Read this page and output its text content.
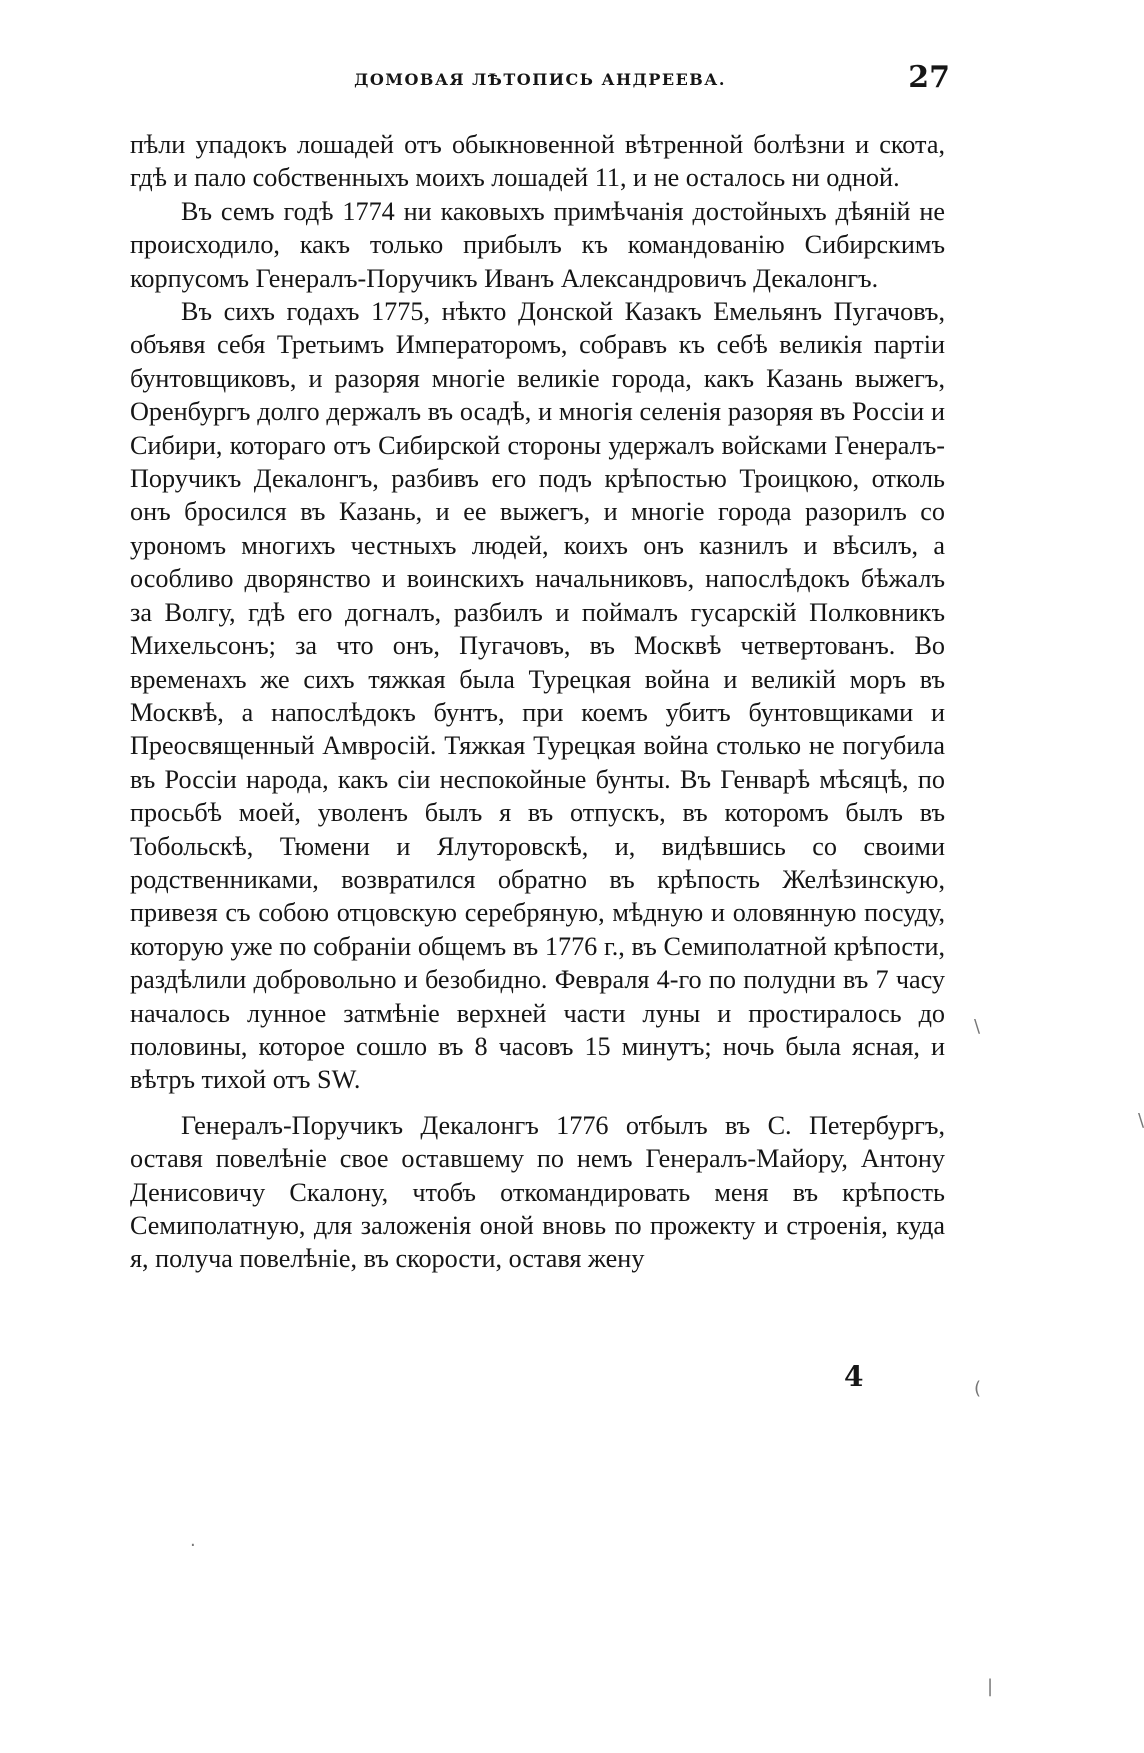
ДОМОВАЯ ЛѢТОПИСЬ АНДРЕЕВА.	27

пѣли упадокъ лошадей отъ обыкновенной вѣтренной болѣзни и скота, гдѣ и пало собственныхъ моихъ лошадей 11, и не осталось ни одной.

Въ семъ годѣ 1774 ни каковыхъ примѣчанія достойныхъ дѣяній не происходило, какъ только прибылъ къ командованію Сибирскимъ корпусомъ Генералъ-Поручикъ Иванъ Александровичъ Декалонгъ.

Въ сихъ годахъ 1775, нѣкто Донской Казакъ Емельянъ Пугачовъ, объявя себя Третьимъ Императоромъ, собравъ къ себѣ великія партіи бунтовщиковъ, и разоряя многіе великіе города, какъ Казань выжегъ, Оренбургъ долго держалъ въ осадѣ, и многія селенія разоряя въ Россіи и Сибири, котораго отъ Сибирской стороны удержалъ войсками Генералъ-Поручикъ Декалонгъ, разбивъ его подъ крѣпостью Троицкою, отколь онъ бросился въ Казань, и ее выжегъ, и многіе города разорилъ со урономъ многихъ честныхъ людей, коихъ онъ казнилъ и вѣсилъ, а особливо дворянство и воинскихъ начальниковъ, напослѣдокъ бѣжалъ за Волгу, гдѣ его догналъ, разбилъ и поймалъ гусарскій Полковникъ Михельсонъ; за что онъ, Пугачовъ, въ Москвѣ четвертованъ. Во временахъ же сихъ тяжкая была Турецкая война и великій моръ въ Москвѣ, а напослѣдокъ бунтъ, при коемъ убитъ бунтовщиками и Преосвященный Амвросій. Тяжкая Турецкая война столько не погубила въ Россіи народа, какъ сіи неспокойные бунты. Въ Генварѣ мѣсяцѣ, по просьбѣ моей, уволенъ былъ я въ отпускъ, въ которомъ былъ въ Тобольскѣ, Тюмени и Ялуторовскѣ, и, видѣвшись со своими родственниками, возвратился обратно въ крѣпость Желѣзинскую, привезя съ собою отцовскую серебряную, мѣдную и оловянную посуду, которую уже по собраніи общемъ въ 1776 г., въ Семиполатной крѣпости, раздѣлили добровольно и безобидно. Февраля 4-го по полудни въ 7 часу началось лунное затмѣніе верхней части луны и простиралось до половины, которое сошло въ 8 часовъ 15 минутъ; ночь была ясная, и вѣтръ тихой отъ SW.

Генералъ-Поручикъ Декалонгъ 1776 отбылъ въ С. Петербургъ, оставя повелѣніе свое оставшему по немъ Генералъ-Майору, Антону Денисовичу Скалону, чтобъ откомандировать меня въ крѣпость Семиполатную, для заложенія оной вновь по прожекту и строенія, куда я, получа повелѣніе, въ скорости, оставя жену

4
\
\
(
.
|
